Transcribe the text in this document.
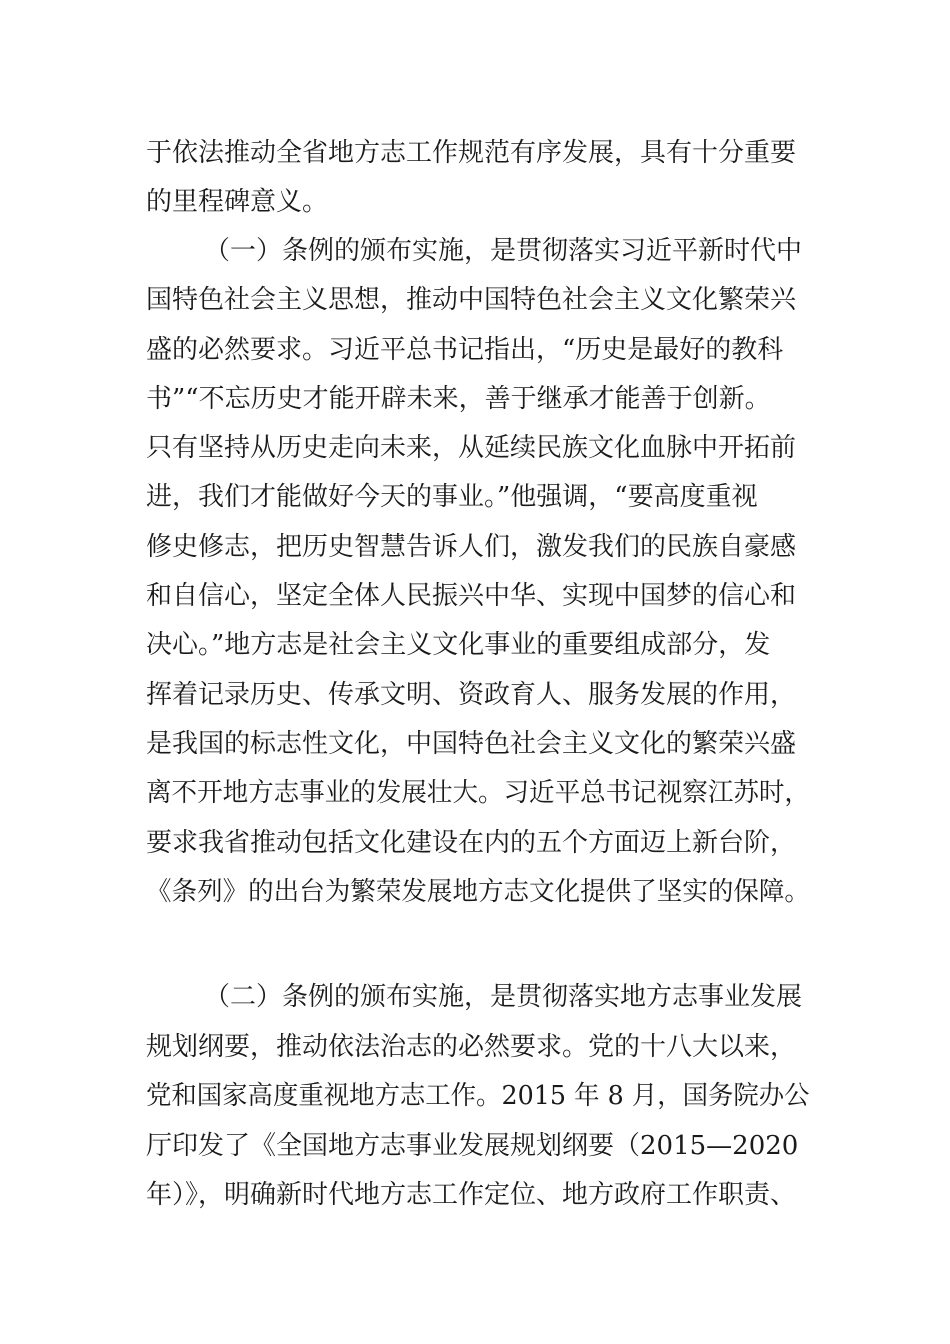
于依法推动全省地方志工作规范有序发展，具有十分重要
的里程碑意义。
（一）条例的颁布实施，是贯彻落实习近平新时代中
国特色社会主义思想，推动中国特色社会主义文化繁荣兴
盛的必然要求。习近平总书记指出，“历史是最好的教科
书”“不忘历史才能开辟未来，善于继承才能善于创新。
只有坚持从历史走向未来，从延续民族文化血脉中开拓前
进，我们才能做好今天的事业。”他强调，“要高度重视
修史修志，把历史智慧告诉人们，激发我们的民族自豪感
和自信心，坚定全体人民振兴中华、实现中国梦的信心和
决心。”地方志是社会主义文化事业的重要组成部分，发
挥着记录历史、传承文明、资政育人、服务发展的作用，
是我国的标志性文化，中国特色社会主义文化的繁荣兴盛
离不开地方志事业的发展壮大。习近平总书记视察江苏时，
要求我省推动包括文化建设在内的五个方面迈上新台阶，
《条列》的出台为繁荣发展地方志文化提供了坚实的保障。
（二）条例的颁布实施，是贯彻落实地方志事业发展
规划纲要，推动依法治志的必然要求。党的十八大以来，
党和国家高度重视地方志工作。2015 年 8 月，国务院办公
厅印发了《全国地方志事业发展规划纲要（2015—2020
年）》，明确新时代地方志工作定位、地方政府工作职责、
